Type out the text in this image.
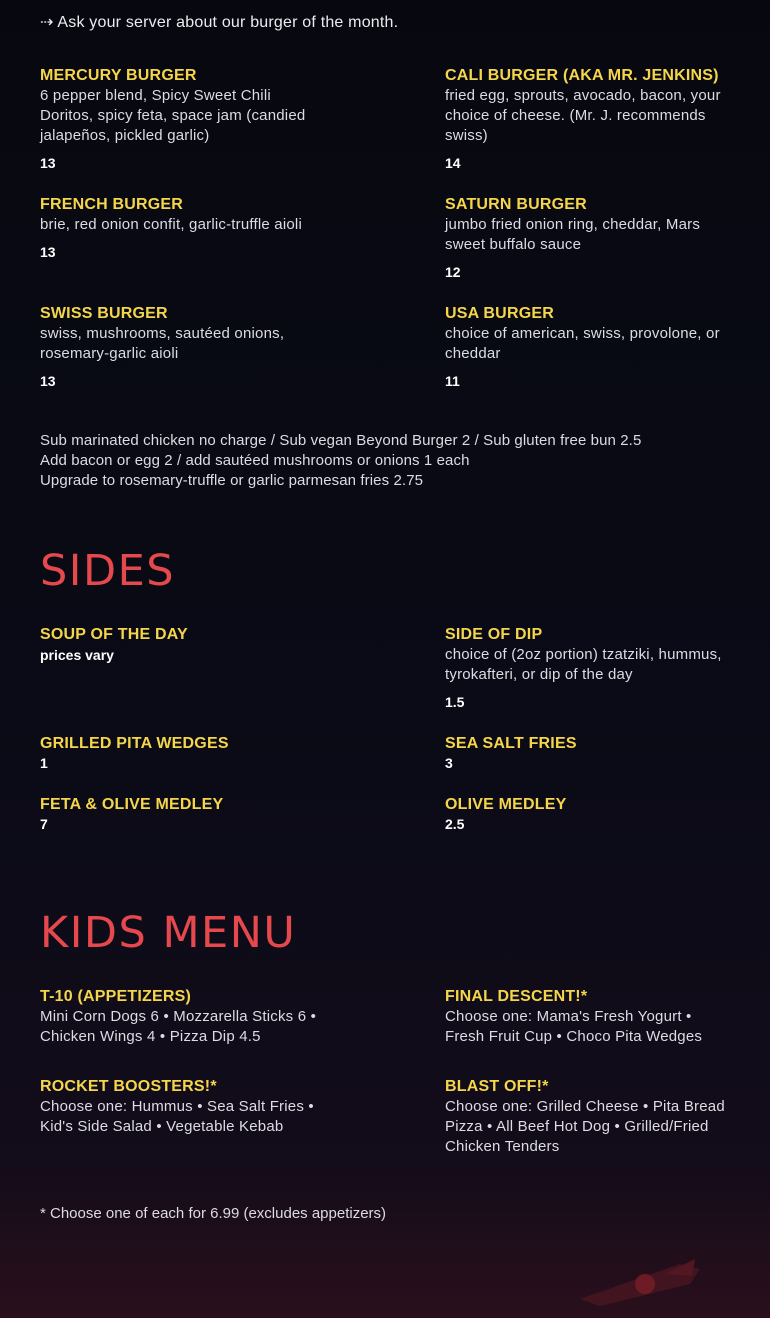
⇢ Ask your server about our burger of the month.
MERCURY BURGER
6 pepper blend, Spicy Sweet Chili Doritos, spicy feta, space jam (candied jalapeños, pickled garlic)
13
CALI BURGER (AKA MR. JENKINS)
fried egg, sprouts, avocado, bacon, your choice of cheese. (Mr. J. recommends swiss)
14
FRENCH BURGER
brie, red onion confit, garlic-truffle aioli
13
SATURN BURGER
jumbo fried onion ring, cheddar, Mars sweet buffalo sauce
12
SWISS BURGER
swiss, mushrooms, sautéed onions, rosemary-garlic aioli
13
USA BURGER
choice of american, swiss, provolone, or cheddar
11
Sub marinated chicken no charge / Sub vegan Beyond Burger 2 / Sub gluten free bun 2.5
Add bacon or egg 2 / add sautéed mushrooms or onions 1 each
Upgrade to rosemary-truffle or garlic parmesan fries 2.75
SIDES
SOUP OF THE DAY
prices vary
SIDE OF DIP
choice of (2oz portion) tzatziki, hummus, tyrokafteri, or dip of the day
1.5
GRILLED PITA WEDGES
1
SEA SALT FRIES
3
FETA & OLIVE MEDLEY
7
OLIVE MEDLEY
2.5
KIDS MENU
T-10 (APPETIZERS)
Mini Corn Dogs 6 • Mozzarella Sticks 6 • Chicken Wings 4 • Pizza Dip 4.5
FINAL DESCENT!*
Choose one: Mama's Fresh Yogurt • Fresh Fruit Cup • Choco Pita Wedges
ROCKET BOOSTERS!*
Choose one: Hummus • Sea Salt Fries • Kid's Side Salad • Vegetable Kebab
BLAST OFF!*
Choose one: Grilled Cheese • Pita Bread Pizza • All Beef Hot Dog • Grilled/Fried Chicken Tenders
* Choose one of each for 6.99 (excludes appetizers)
